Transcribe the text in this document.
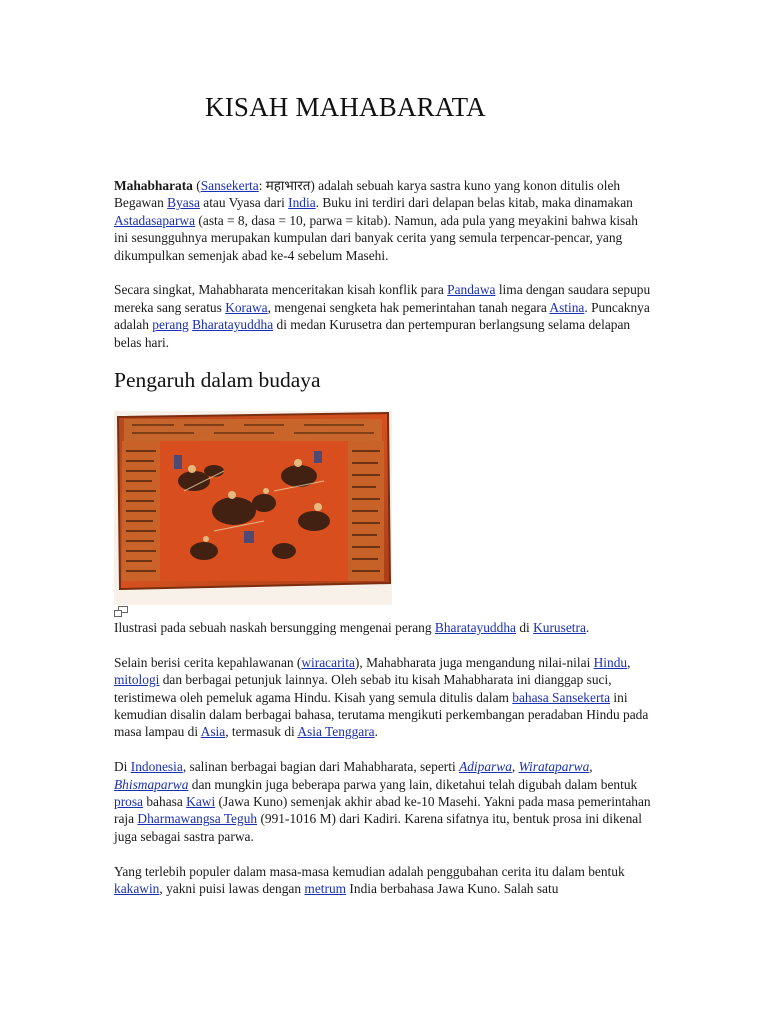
KISAH MAHABARATA

Mahabharata (Sansekerta: महाभारत) adalah sebuah karya sastra kuno yang konon ditulis oleh Begawan Byasa atau Vyasa dari India. Buku ini terdiri dari delapan belas kitab, maka dinamakan Astadasaparwa (asta = 8, dasa = 10, parwa = kitab). Namun, ada pula yang meyakini bahwa kisah ini sesungguhnya merupakan kumpulan dari banyak cerita yang semula terpencar-pencar, yang dikumpulkan semenjak abad ke-4 sebelum Masehi.

Secara singkat, Mahabharata menceritakan kisah konflik para Pandawa lima dengan saudara sepupu mereka sang seratus Korawa, mengenai sengketa hak pemerintahan tanah negara Astina. Puncaknya adalah perang Bharatayuddha di medan Kurusetra dan pertempuran berlangsung selama delapan belas hari.

Pengaruh dalam budaya

Ilustrasi pada sebuah naskah bersungging mengenai perang Bharatayuddha di Kurusetra.

Selain berisi cerita kepahlawanan (wiracarita), Mahabharata juga mengandung nilai-nilai Hindu, mitologi dan berbagai petunjuk lainnya. Oleh sebab itu kisah Mahabharata ini dianggap suci, teristimewa oleh pemeluk agama Hindu. Kisah yang semula ditulis dalam bahasa Sansekerta ini kemudian disalin dalam berbagai bahasa, terutama mengikuti perkembangan peradaban Hindu pada masa lampau di Asia, termasuk di Asia Tenggara.

Di Indonesia, salinan berbagai bagian dari Mahabharata, seperti Adiparwa, Wirataparwa, Bhismaparwa dan mungkin juga beberapa parwa yang lain, diketahui telah digubah dalam bentuk prosa bahasa Kawi (Jawa Kuno) semenjak akhir abad ke-10 Masehi. Yakni pada masa pemerintahan raja Dharmawangsa Teguh (991-1016 M) dari Kadiri. Karena sifatnya itu, bentuk prosa ini dikenal juga sebagai sastra parwa.

Yang terlebih populer dalam masa-masa kemudian adalah penggubahan cerita itu dalam bentuk kakawin, yakni puisi lawas dengan metrum India berbahasa Jawa Kuno. Salah satu
